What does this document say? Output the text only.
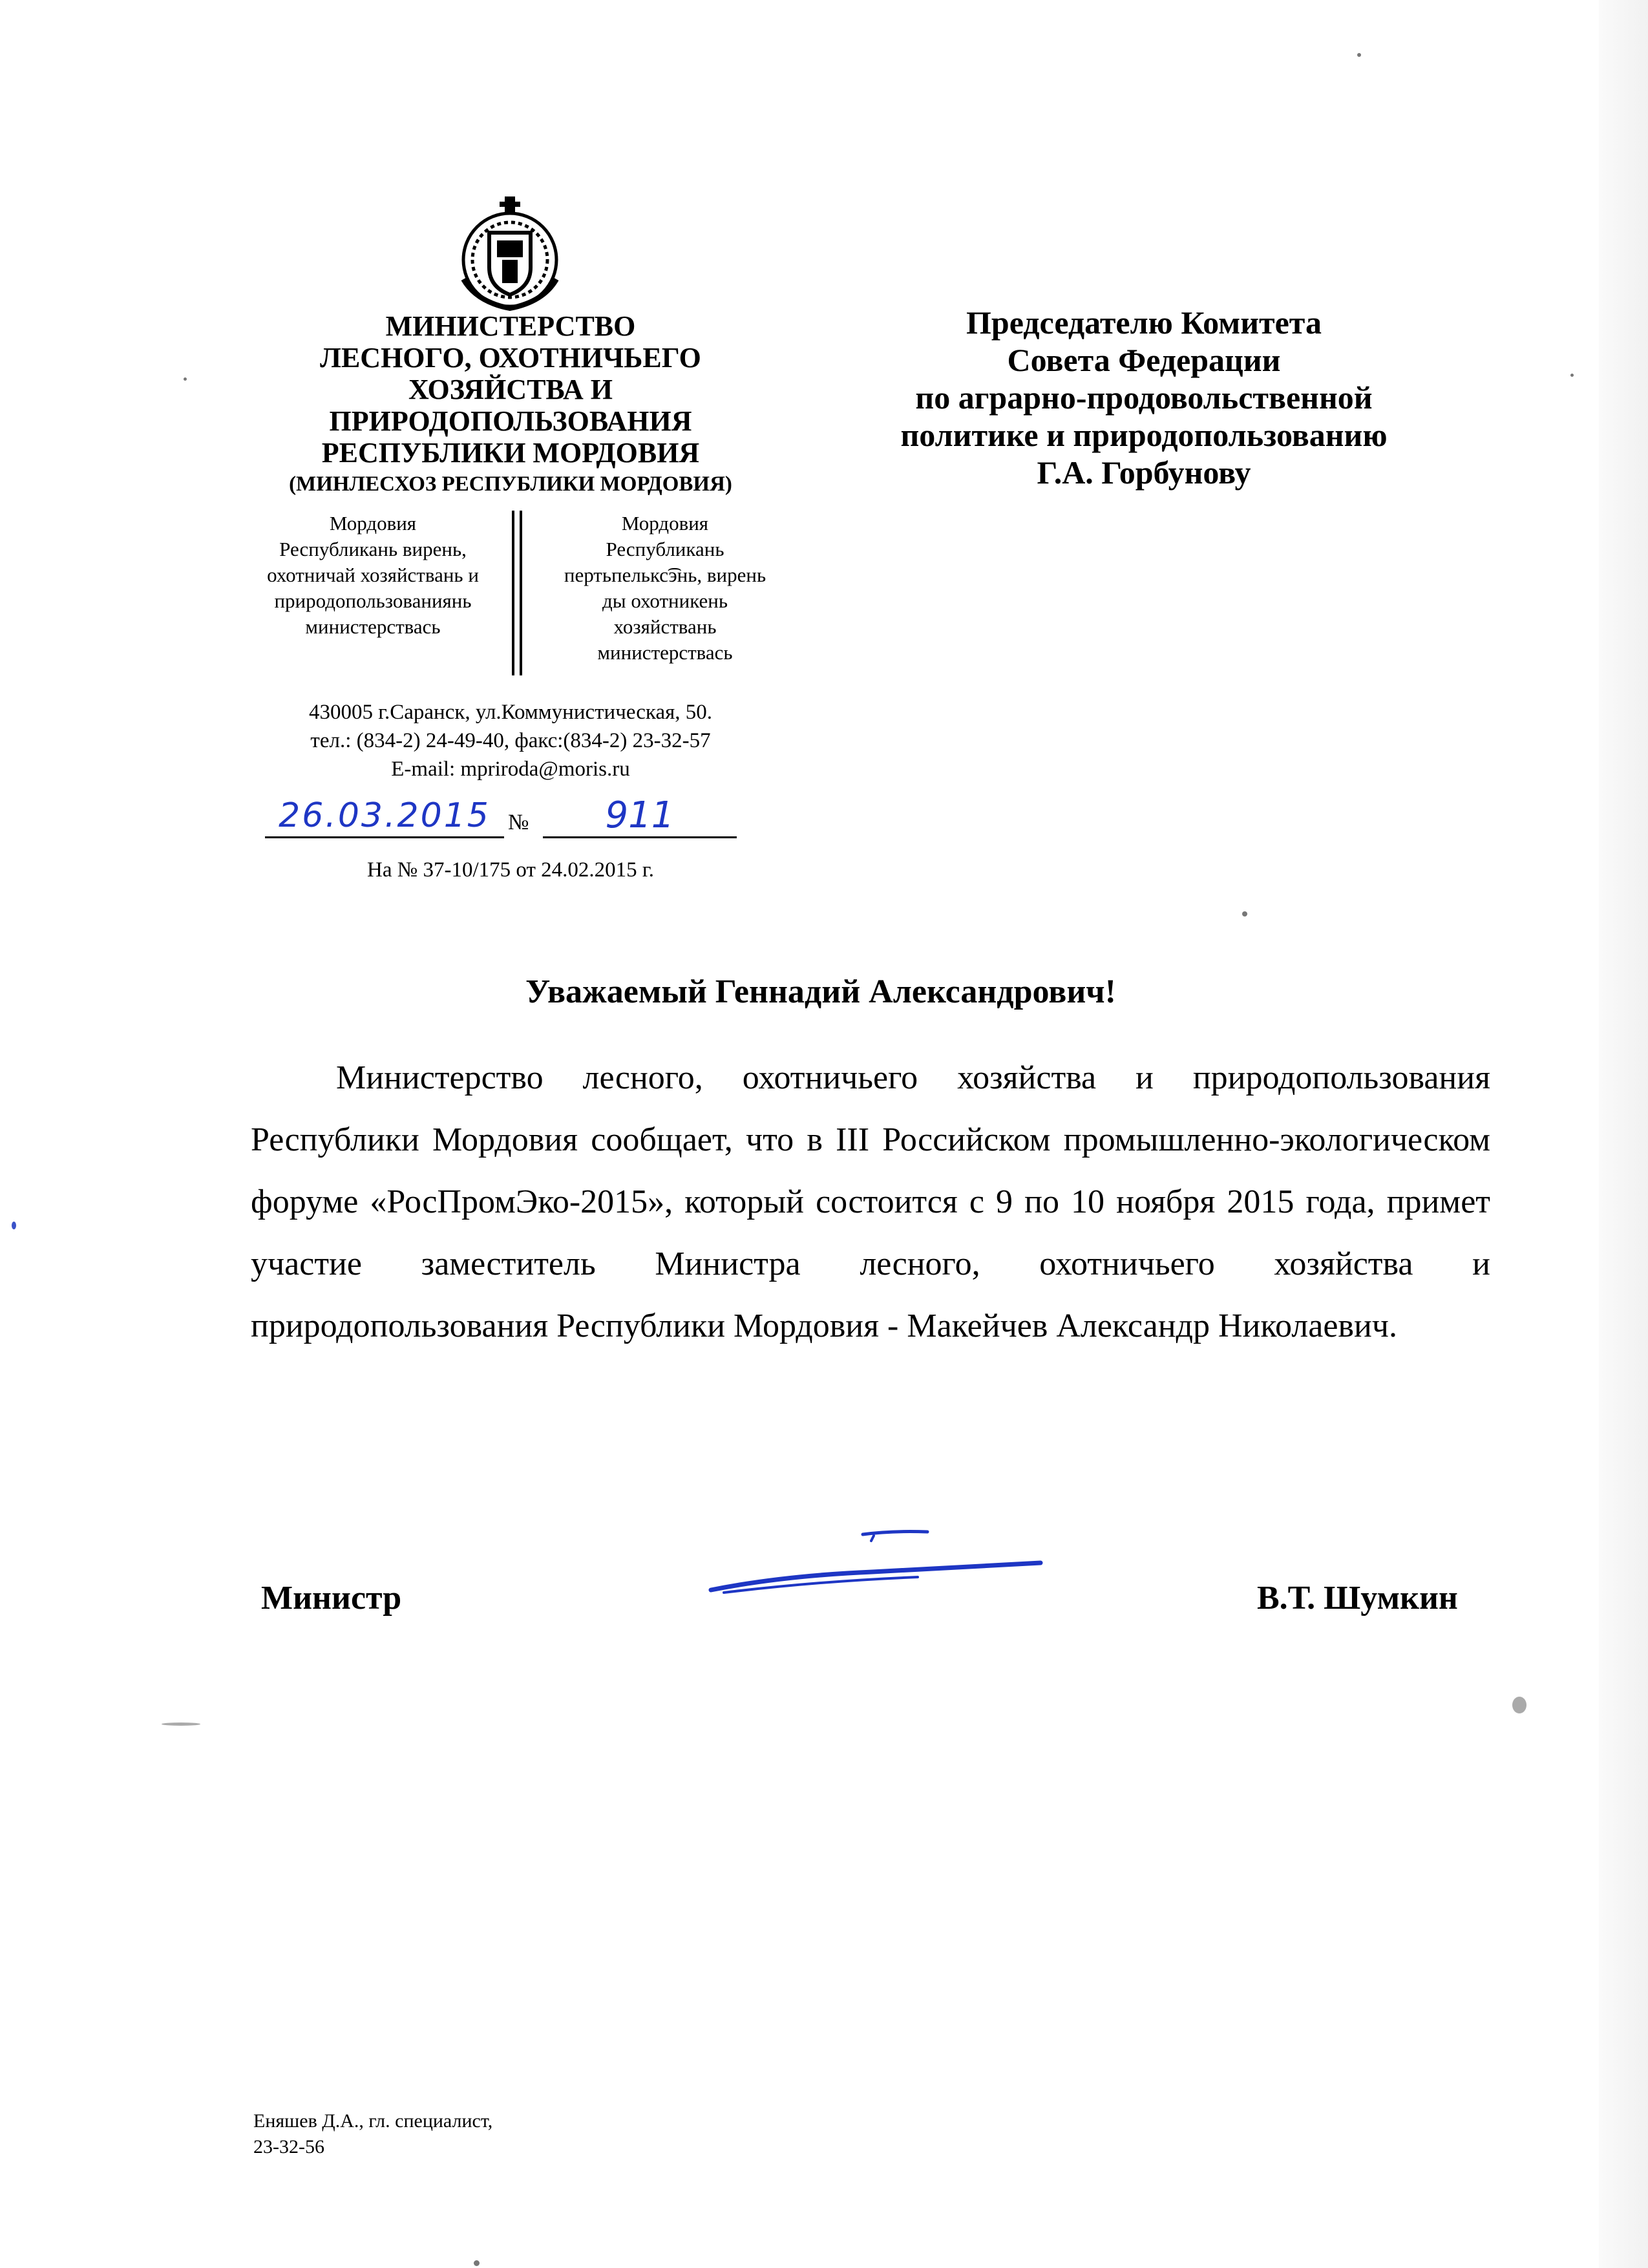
МИНИСТЕРСТВО
ЛЕСНОГО, ОХОТНИЧЬЕГО
ХОЗЯЙСТВА И
ПРИРОДОПОЛЬЗОВАНИЯ
РЕСПУБЛИКИ МОРДОВИЯ
(МИНЛЕСХОЗ РЕСПУБЛИКИ МОРДОВИЯ)
Мордовия
Республикань вирень,
охотничай хозяйствань и
природопользованиянь
министерствась
Мордовия
Республикань
пертьпелькс͡энь, вирень
ды охотникень
хозяйствань
министерствась
430005 г.Саранск, ул.Коммунистическая, 50.
тел.: (834-2) 24-49-40, факс:(834-2) 23-32-57
E-mail: mpriroda@moris.ru
26.03.2015 №	911
На № 37-10/175 от 24.02.2015 г.
Председателю Комитета
Совета Федерации
по аграрно-продовольственной
политике и природопользованию
Г.А. Горбунову
Уважаемый Геннадий Александрович!

Министерство лесного, охотничьего хозяйства и природопользования Республики Мордовия сообщает, что в III Российском промышленно-экологическом форуме «РосПромЭко-2015», который состоится с 9 по 10 ноября 2015 года, примет участие заместитель Министра лесного, охотничьего хозяйства и природопользования Республики Мордовия - Макейчев Александр Николаевич.

Министр	В.Т. Шумкин
Еняшев Д.А., гл. специалист,
23-32-56
